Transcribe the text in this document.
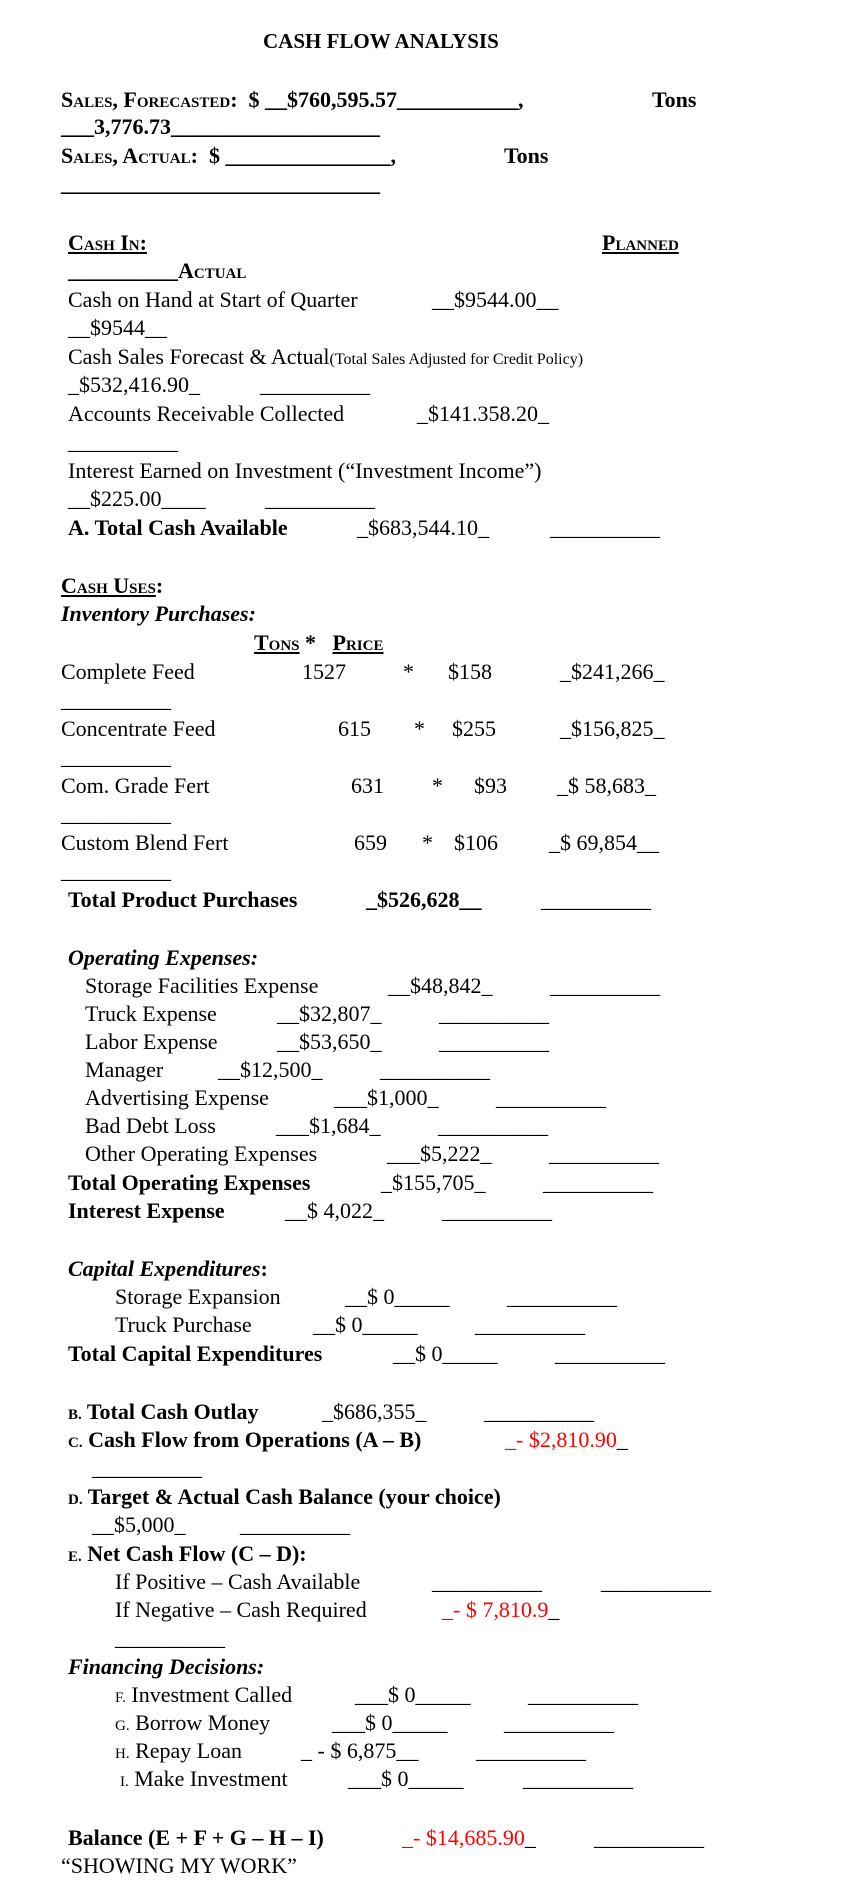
CASH FLOW ANALYSIS
Sales, Forecasted:  $ __$760,595.57___________,	Tons
___3,776.73___________________
Sales, Actual:  $ _______________,	Tons
_____________________________
Cash In:	Planned
__________Actual
Cash on Hand at Start of Quarter	__$9544.00__
__$9544__
Cash Sales Forecast & Actual(Total Sales Adjusted for Credit Policy)
_$532,416.90_	__________
Accounts Receivable Collected	_$141.358.20_
__________
Interest Earned on Investment (“Investment Income”)
__$225.00____	__________
A. Total Cash Available	_$683,544.10_	__________
Cash Uses:
Inventory Purchases:
Tons *   Price
Complete Feed	1527	* $158	_$241,266_
__________
Concentrate Feed	615 * $255	_$156,825_
__________
Com. Grade Fert	631 * $93 _$ 58,683_
__________
Custom Blend Fert	659 * $106 _$ 69,854__
__________
Total Product Purchases	_$526,628__	__________
Operating Expenses:
Storage Facilities Expense	__$48,842_	__________
Truck Expense	__$32,807_	__________
Labor Expense	__$53,650_	__________
Manager __$12,500_	__________
Advertising Expense	___$1,000_	__________
Bad Debt Loss	___$1,684_	__________
Other Operating Expenses	___$5,222_	__________
Total Operating Expenses	_$155,705_	__________
Interest Expense	__$ 4,022_	__________
Capital Expenditures:
Storage Expansion	__$ 0_____	__________
Truck Purchase	__$ 0_____	__________
Total Capital Expenditures	__$ 0_____	__________
B. Total Cash Outlay	_$686,355_	__________
C. Cash Flow from Operations (A – B)	_- $2,810.90_
__________
D. Target & Actual Cash Balance (your choice)
__$5,000_ __________
E. Net Cash Flow (C – D):
If Positive – Cash Available	__________	__________
If Negative – Cash Required	_- $ 7,810.9_
__________
Financing Decisions:
F. Investment Called	___$ 0_____	__________
G. Borrow Money	___$ 0_____	__________
H. Repay Loan	_ - $ 6,875__	__________
I. Make Investment	___$ 0_____	__________
Balance (E + F + G – H – I)	_- $14,685.90_	__________
“SHOWING MY WORK”
